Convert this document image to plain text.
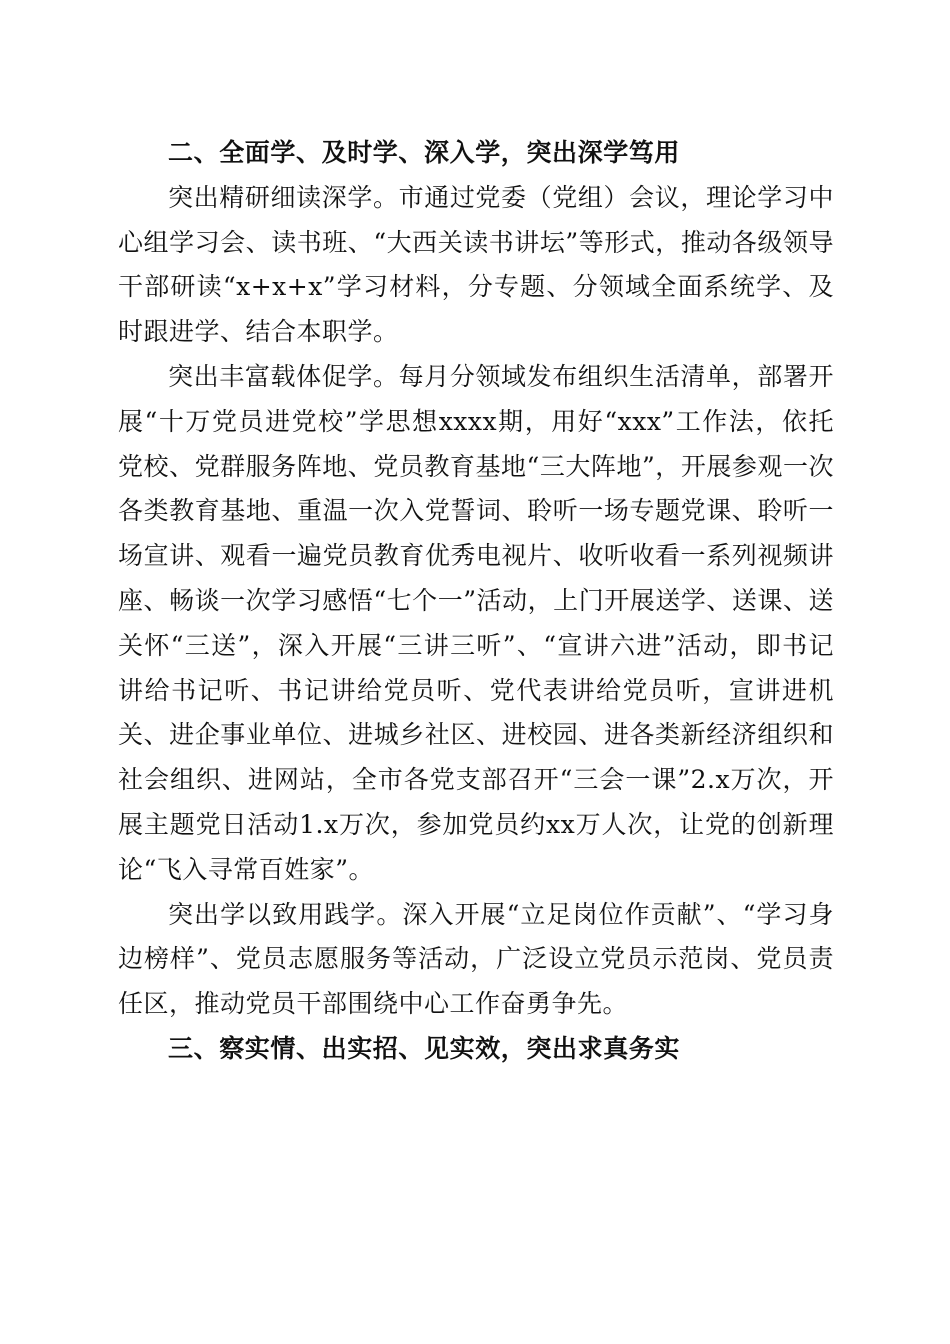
二、全面学、及时学、深入学，突出深学笃用

突出精研细读深学。市通过党委（党组）会议，理论学习中心组学习会、读书班、“大西关读书讲坛”等形式，推动各级领导干部研读“x+x+x”学习材料，分专题、分领域全面系统学、及时跟进学、结合本职学。

突出丰富载体促学。每月分领域发布组织生活清单，部署开展“十万党员进党校”学思想xxxx期，用好“xxx”工作法，依托党校、党群服务阵地、党员教育基地“三大阵地”，开展参观一次各类教育基地、重温一次入党誓词、聆听一场专题党课、聆听一场宣讲、观看一遍党员教育优秀电视片、收听收看一系列视频讲座、畅谈一次学习感悟“七个一”活动，上门开展送学、送课、送关怀“三送”，深入开展“三讲三听”、“宣讲六进”活动，即书记讲给书记听、书记讲给党员听、党代表讲给党员听，宣讲进机关、进企事业单位、进城乡社区、进校园、进各类新经济组织和社会组织、进网站，全市各党支部召开“三会一课”2.x万次，开展主题党日活动1.x万次，参加党员约xx万人次，让党的创新理论“飞入寻常百姓家”。

突出学以致用践学。深入开展“立足岗位作贡献”、“学习身边榜样”、党员志愿服务等活动，广泛设立党员示范岗、党员责任区，推动党员干部围绕中心工作奋勇争先。

三、察实情、出实招、见实效，突出求真务实
